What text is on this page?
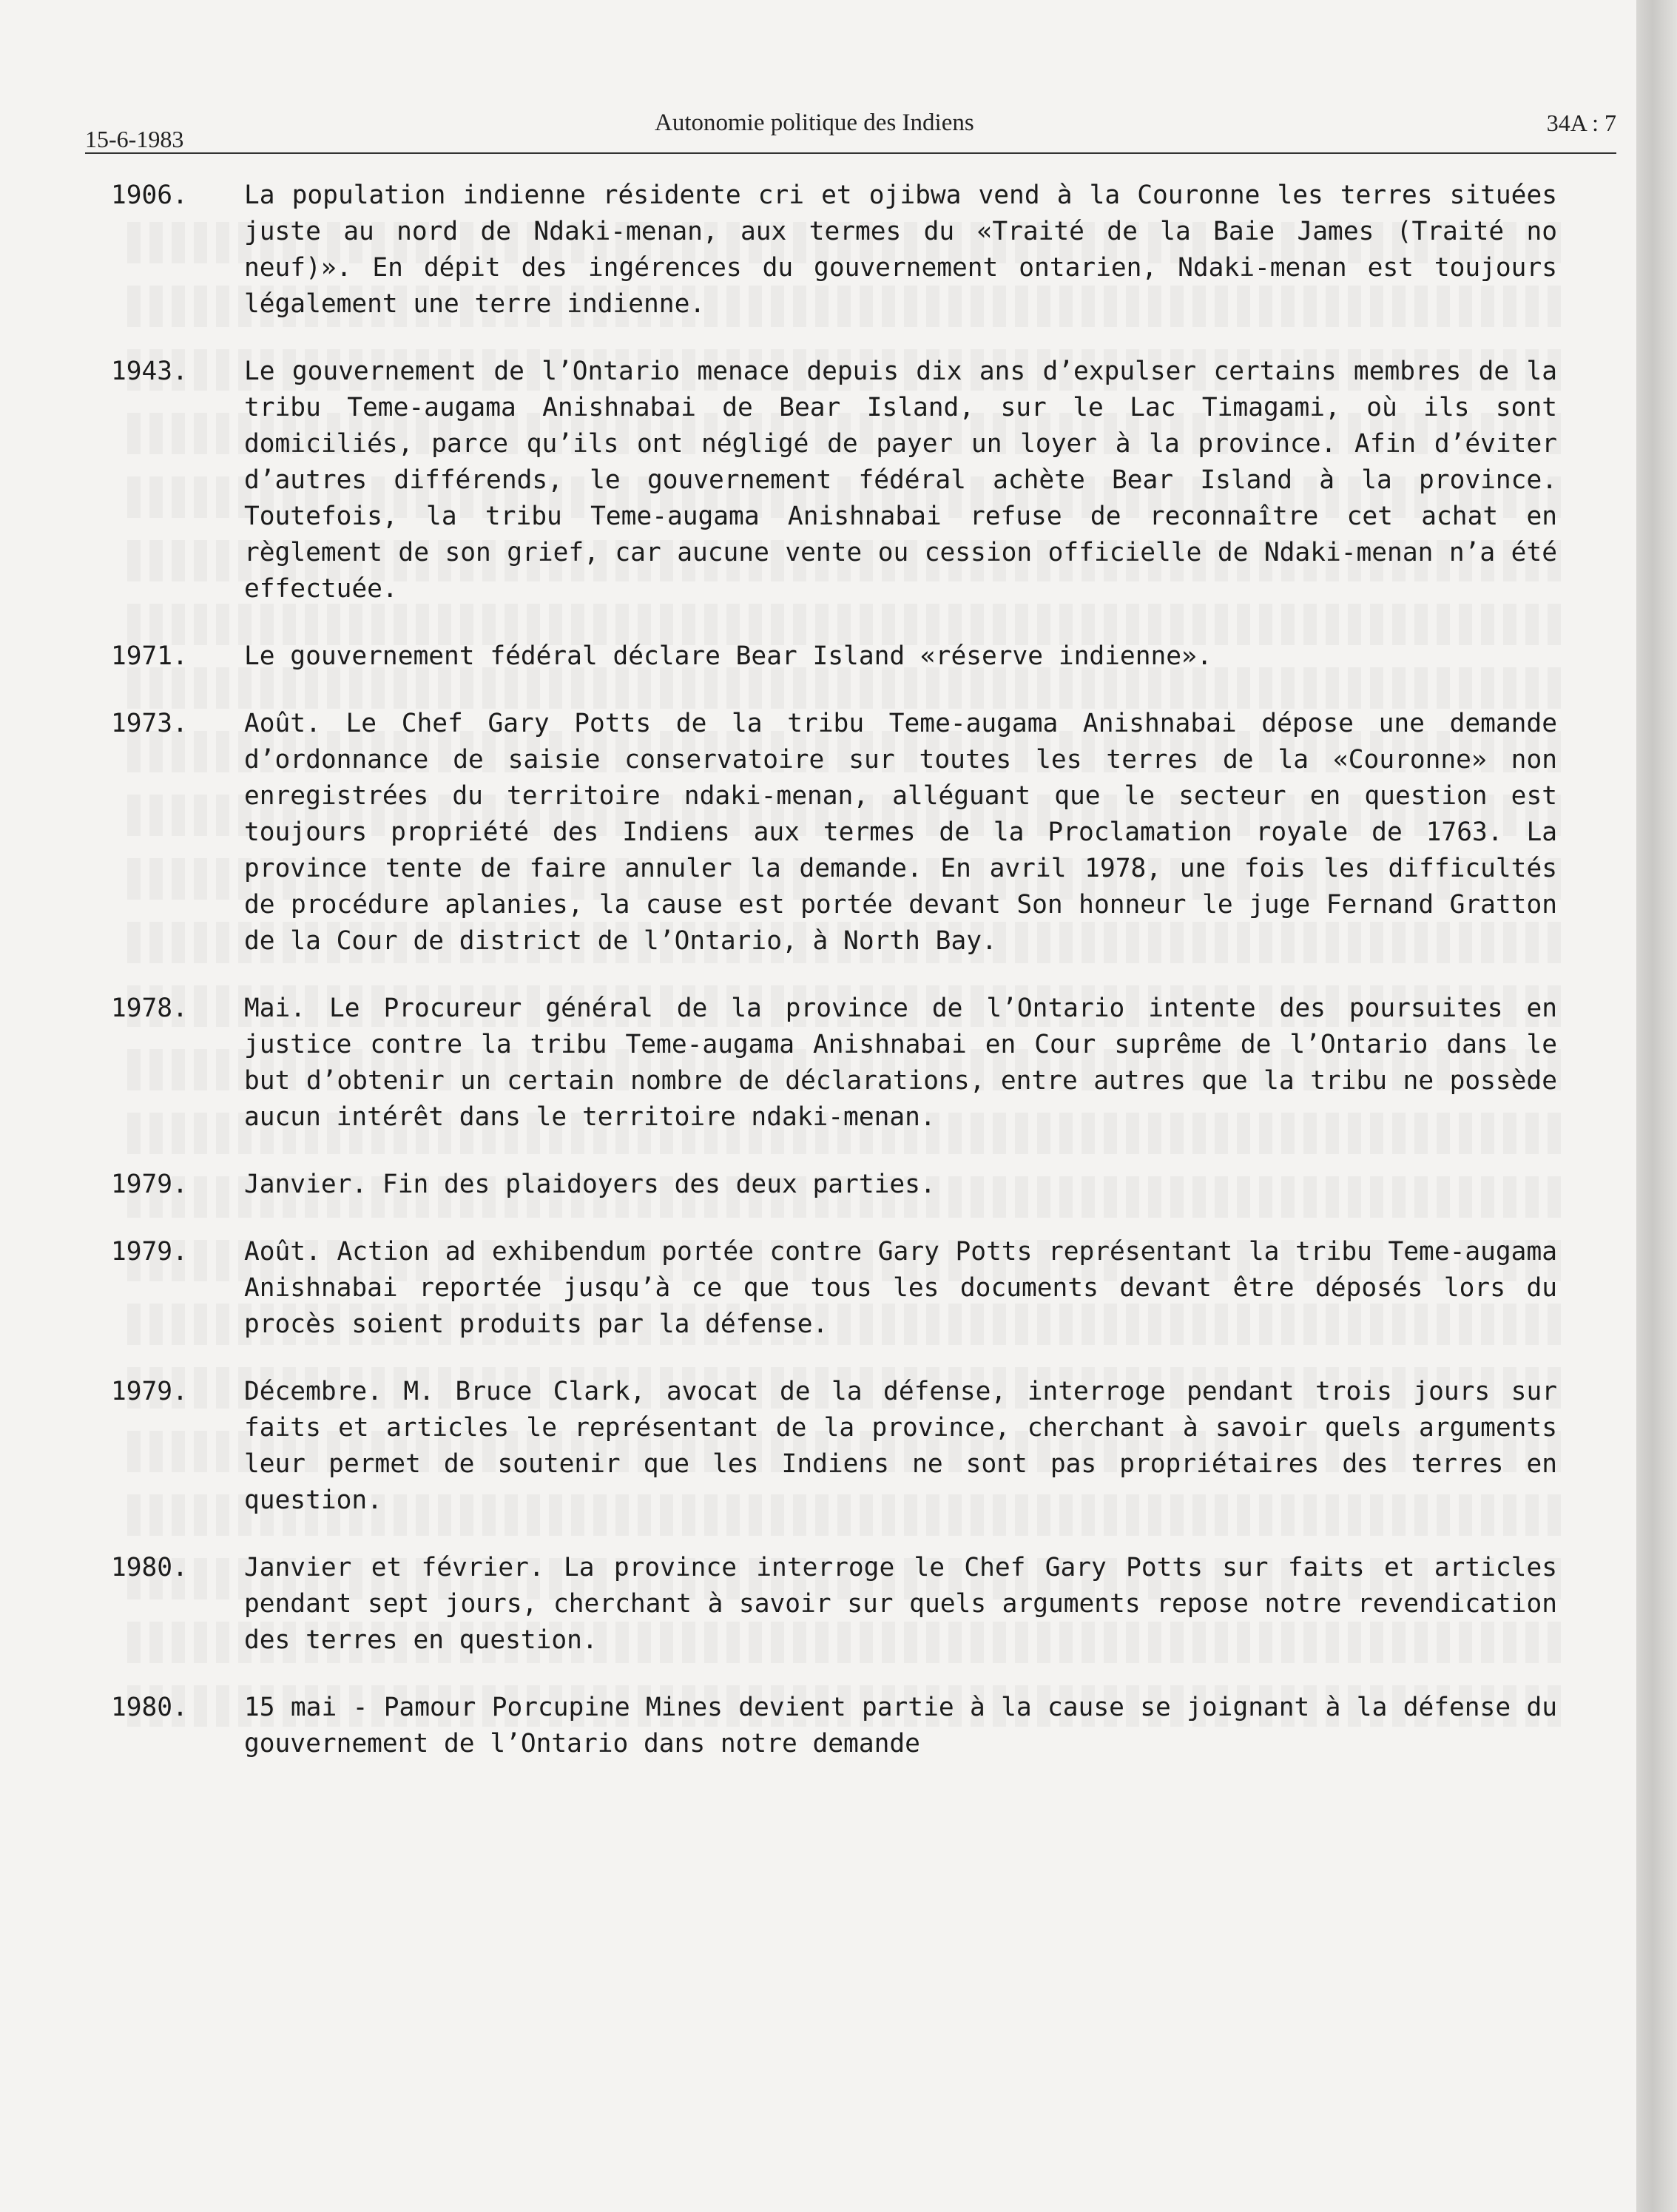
15-6-1983
Autonomie politique des Indiens	34A : 7
1906.	La population indienne résidente cri et ojibwa vend à la Couronne les terres situées juste au nord de Ndaki-menan, aux termes du «Traité de la Baie James (Traité no neuf)». En dépit des ingérences du gouvernement ontarien, Ndaki-menan est toujours légalement une terre indienne.
1943.	Le gouvernement de l’Ontario menace depuis dix ans d’expulser certains membres de la tribu Teme-augama Anishnabai de Bear Island, sur le Lac Timagami, où ils sont domiciliés, parce qu’ils ont négligé de payer un loyer à la province. Afin d’éviter d’autres différends, le gouvernement fédéral achète Bear Island à la province. Toutefois, la tribu Teme-augama Anishnabai refuse de reconnaître cet achat en règlement de son grief, car aucune vente ou cession officielle de Ndaki-menan n’a été effectuée.
1971.	Le gouvernement fédéral déclare Bear Island «réserve indienne».
1973.	Août. Le Chef Gary Potts de la tribu Teme-augama Anishnabai dépose une demande d’ordonnance de saisie conservatoire sur toutes les terres de la «Couronne» non enregistrées du territoire ndaki-menan, alléguant que le secteur en question est toujours propriété des Indiens aux termes de la Proclamation royale de 1763. La province tente de faire annuler la demande. En avril 1978, une fois les difficultés de procédure aplanies, la cause est portée devant Son honneur le juge Fernand Gratton de la Cour de district de l’Ontario, à North Bay.
1978.	Mai. Le Procureur général de la province de l’Ontario intente des poursuites en justice contre la tribu Teme-augama Anishnabai en Cour suprême de l’Ontario dans le but d’obtenir un certain nombre de déclarations, entre autres que la tribu ne possède aucun intérêt dans le territoire ndaki-menan.
1979.	Janvier. Fin des plaidoyers des deux parties.
1979.	Août. Action ad exhibendum portée contre Gary Potts représentant la tribu Teme-augama Anishnabai reportée jusqu’à ce que tous les documents devant être déposés lors du procès soient produits par la défense.
1979.	Décembre. M. Bruce Clark, avocat de la défense, interroge pendant trois jours sur faits et articles le représentant de la province, cherchant à savoir quels arguments leur permet de soutenir que les Indiens ne sont pas propriétaires des terres en question.
1980.	Janvier et février. La province interroge le Chef Gary Potts sur faits et articles pendant sept jours, cherchant à savoir sur quels arguments repose notre revendication des terres en question.
1980.	15 mai - Pamour Porcupine Mines devient partie à la cause se joignant à la défense du gouvernement de l’Ontario dans notre demande
